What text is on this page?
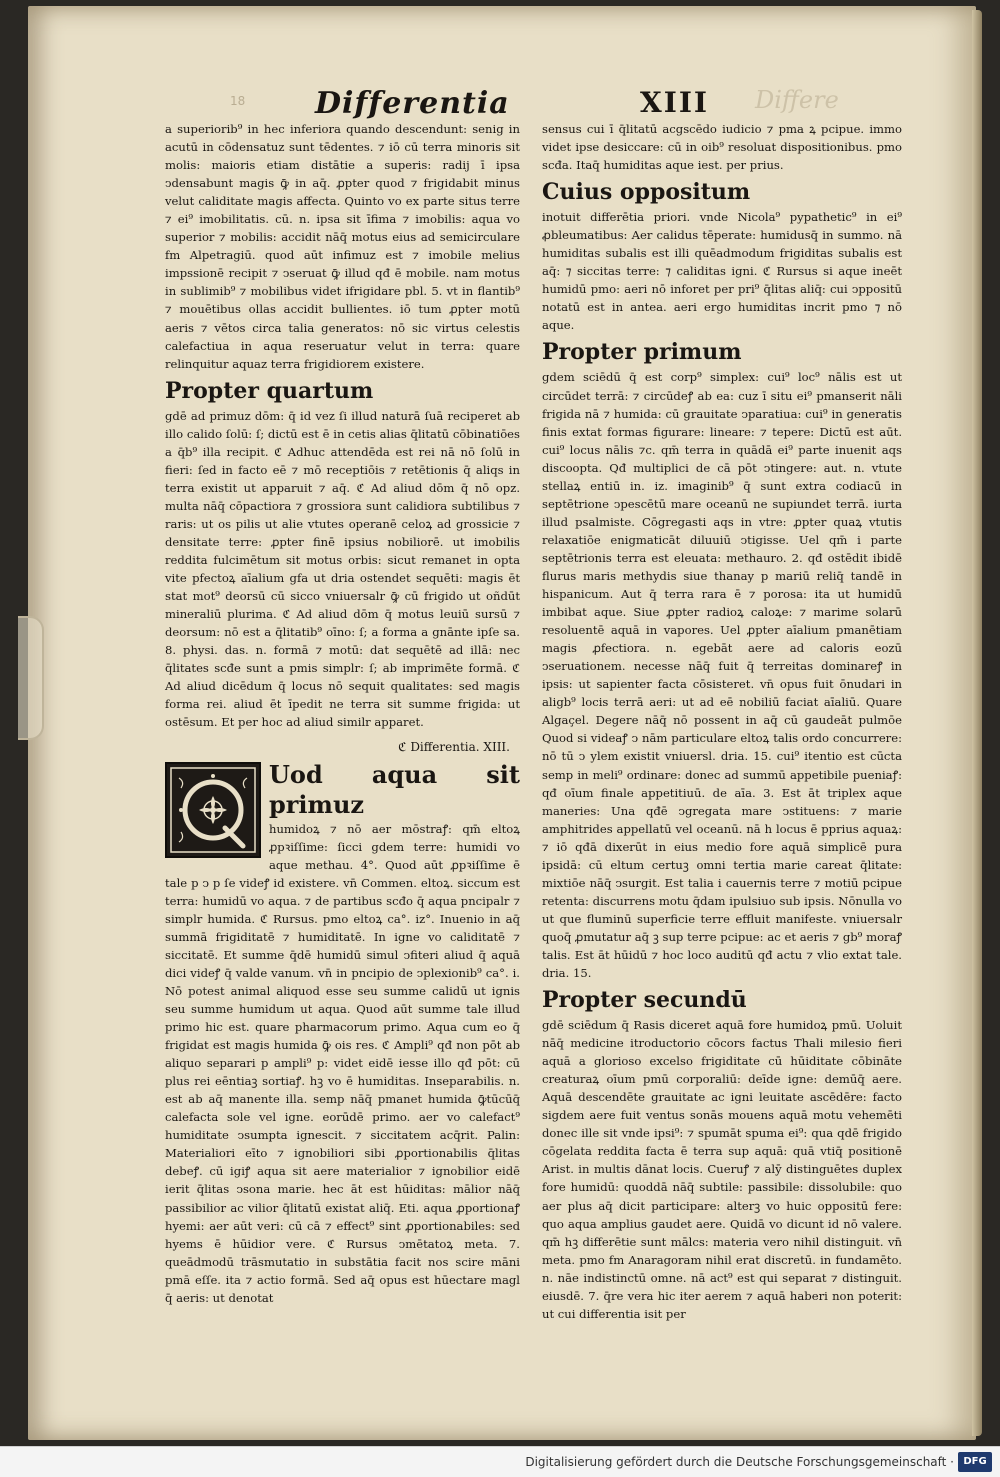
18 Differentia	XIII Differe

a superiorib⁹ in hec inferiora quando descendunt: senig in acutū in cōdensatuz sunt tēdentes. ⁊ iō cū terra minoris sit molis: maioris etiam distātie a superis: radij ī ipsa ↄdensabunt magis ꝙ̄ in aq̄. ꝓpter quod ⁊ frigidabit minus velut caliditate magis affecta. Quinto vo ex parte situs terre ⁊ ei⁹ imobilitatis. cū. n. ipsa sit īfima ⁊ imobilis: aqua vo superior ⁊ mobilis: accidit nāq̄ motus eius ad semicirculare fm Alpetragiū. quod aūt infimuz est ⁊ imobile melius impssionē recipit ⁊ ↄseruat ꝙ̄ illud qđ ē mobile. nam motus in sublimib⁹ ⁊ mobilibus videt ifrigidare pbl. 5. vt in flantib⁹ ⁊ mouētibus ollas accidit bullientes. iō tum ꝓpter motū aeris ⁊ vētos circa talia generatos: nō sic virtus celestis calefactiua in aqua reseruatur velut in terra: quare relinquitur aquaz terra frigidiorem existere.

Propter quartum

gdē ad primuz dōm: q̄ id vez ſi illud naturā ſuā reciperet ab illo calido ſolū: ſ; dictū est ē in cetis alias q̄litatū cōbinatiōes a q̄b⁹ illa recipit. ℭ Adhuc attendēda est rei nā nō ſolū in fieri: ſed in facto eē ⁊ mō receptiōis ⁊ retētionis q̄ aliqs in terra existit ut apparuit ⁊ aq̄. ℭ Ad aliud dōm q̄ nō opz. multa nāq̄ cōpactiora ⁊ grossiora sunt calidiora subtilibus ⁊ raris: ut os pilis ut alie vtutes operanē celoꝝ ad grossicie ⁊ densitate terre: ꝓpter finē ipsius nobiliorē. ut imobilis reddita fulcimētum sit motus orbis: sicut remanet in opta vite pfectoꝝ aīalium gfa ut dria ostendet sequēti: magis ēt stat mot⁹ deorsū cū sicco vniuersalr ꝙ̄ cū frigido ut oñdūt mineraliū plurima. ℭ Ad aliud dōm q̄ motus leuiū sursū ⁊ deorsum: nō est a q̄litatib⁹ oīno: ſ; a forma a gnānte ipſe sa. 8. physi. das. n. formā ⁊ motū: dat sequētē ad illā: nec q̄litates scđe sunt a pmis simplr: ſ; ab imprimēte formā. ℭ Ad aliud dicēdum q̄ locus nō sequit qualitates: sed magis forma rei. aliud ēt īpedit ne terra sit summe frigida: ut ostēsum. Et per hoc ad aliud similr apparet.

ℭ Differentia. XIII.
Uod aqua sit primuz

humidoꝝ ⁊ nō aer mōstraꝭ: qm̄ eltoꝝ ꝓpꝛiſſime: ſicci gdem terre: humidi vo aque methau. 4°. Quod aūt ꝓpꝛiſſime ē tale p ↄ p ſe videꝭ id existere. vn̄ Commen. eltoꝝ. siccum est terra: humidū vo aqua. ⁊ de partibus scđo q̄ aqua pncipalr ⁊ simplr humida. ℭ Rursus. pmo eltoꝝ ca°. iz°. Inuenio in aq̄ summā frigiditatē ⁊ humiditatē. In igne vo caliditatē ⁊ siccitatē. Et summe q̄dē humidū simul ↄfiteri aliud q̄ aquā dici videꝭ q̄ valde vanum. vn̄ in pncipio de ↄplexionib⁹ ca°. i. Nō potest animal aliquod esse seu summe calidū ut ignis seu summe humidum ut aqua. Quod aūt summe tale illud primo hic est. quare pharmacorum primo. Aqua cum eo q̄ frigidat est magis humida ꝙ̄ ois res. ℭ Ampli⁹ qđ non pōt ab aliquo separari p ampli⁹ p: videt eidē iesse illo qđ pōt: cū plus rei eēntiaꝫ sortiaꝭ. hꝫ vo ē humiditas. Inseparabilis. n. est ab aq̄ manente illa. semp nāq̄ pmanet humida ꝙ̄tūcūq̄ calefacta sole vel igne. eorūdē primo. aer vo calefact⁹ humiditate ↄsumpta ignescit. ⁊ siccitatem acq̄rit. Palin: Materialiori eīto ⁊ ignobiliori sibi ꝓportionabilis q̄litas debeꝭ. cū igiꝭ aqua sit aere materialior ⁊ ignobilior eidē ierit q̄litas ↄsona marie. hec āt est hūiditas: mālior nāq̄ passibilior ac vilior q̄litatū existat aliq̄. Eti. aqua ꝓportionaꝭ hyemi: aer aūt veri: cū cā ⁊ effect⁹ sint ꝓportionabiles: sed hyems ē hūidior vere. ℭ Rursus ↄmētatoꝝ meta. 7. queādmodū trāsmutatio in substātia facit nos scire māni pmā eſſe. ita ⁊ actio formā. Sed aq̄ opus est hūectare magl q̄ aeris: ut denotat

sensus cui ī q̄litatū acgscēdo iudicio ⁊ pma ꝝ pcipue. immo videt ipse desiccare: cū in oib⁹ resoluat dispositionibus. pmo scđa. Itaq̄ humiditas aque iest. per prius.

Cuius oppositum

inotuit differētia priori. vnde Nicola⁹ pypathetic⁹ in ei⁹ ꝓbleumatibus: Aer calidus tēperate: humidusq̄ in summo. nā humiditas subalis est illi quēadmodum frigiditas subalis est aq̄: ⁊ siccitas terre: ⁊ caliditas igni. ℭ Rursus si aque ineēt humidū pmo: aeri nō inforet per pri⁹ q̄litas aliq̄: cui ↄppositū notatū est in antea. aeri ergo humiditas incrit pmo ⁊ nō aque.

Propter primum

gdem sciēdū q̄ est corp⁹ simplex: cui⁹ loc⁹ nālis est ut circūdet terrā: ⁊ circūdeꝭ ab ea: cuz ī situ ei⁹ pmanserit nāli frigida nā ⁊ humida: cū grauitate ↄparatiua: cui⁹ in generatis finis extat formas figurare: lineare: ⁊ tepere: Dictū est aūt. cui⁹ locus nālis ⁊c. qm̄ terra in quādā ei⁹ parte inuenit aqs discoopta. Qđ multiplici de cā pōt ↄtingere: aut. n. vtute stellaꝝ entiū in. iz. imaginib⁹ q̄ sunt extra codiacū in septētrione ↄpescētū mare oceanū ne supiundet terrā. iurta illud psalmiste. Cōgregasti aqs in vtre: ꝓpter quaꝝ vtutis relaxatiōe enigmaticāt diluuiū ↄtigisse. Uel qm̄ i parte septētrionis terra est eleuata: methauro. 2. qđ ostēdit ibidē flurus maris methydis siue thanay p mariū reliq̄ tandē in hispanicum. Aut q̄ terra rara ē ⁊ porosa: ita ut humidū imbibat aque. Siue ꝓpter radioꝝ caloꝝe: ⁊ marime solarū resoluentē aquā in vapores. Uel ꝓpter aīalium pmanētiam magis ꝓfectiora. n. egebāt aere ad caloris eozū ↄseruationem. necesse nāq̄ fuit q̄ terreitas dominareꝭ in ipsis: ut sapienter facta cōsisteret. vn̄ opus fuit ōnudari in aligb⁹ locis terrā aeri: ut ad eē nobiliū faciat aīaliū. Quare Algaçel. Degere nāq̄ nō possent in aq̄ cū gaudeāt pulmōe Quod si videaꝭ ↄ nām particulare eltoꝝ talis ordo concurrere: nō tū ↄ ylem existit vniuersl. dria. 15. cui⁹ itentio est cūcta semp in meli⁹ ordinare: donec ad summū appetibile pueniaꝭ: qđ oīum finale appetitiuū. de aīa. 3. Est āt triplex aque maneries: Una qđē ↄgregata mare ↄstituens: ⁊ marie amphitrides appellatū vel oceanū. nā h locus ē pprius aquaꝝ: ⁊ iō qđā dixerūt in eius medio fore aquā simplicē pura ipsidā: cū eltum certuꝫ omni tertia marie careat q̄litate: mixtiōe nāq̄ ↄsurgit. Est talia i cauernis terre ⁊ motiū pcipue retenta: discurrens motu q̄dam ipulsiuo sub ipsis. Nōnulla vo ut que fluminū superficie terre effluit manifeste. vniuersalr quoq̄ ꝓmutatur aq̄ ꝫ sup terre pcipue: ac et aeris ⁊ gb⁹ moraꝭ talis. Est āt hūidū ⁊ hoc loco auditū qđ actu ⁊ vlio extat tale. dria. 15.

Propter secundū

gdē sciēdum q̄ Rasis diceret aquā fore humidoꝝ pmū. Uoluit nāq̄ medicine itroductorio cōcors factus Thali milesio fieri aquā a glorioso excelso frigiditate cū hūiditate cōbināte creaturaꝝ oīum pmū corporaliū: deīde igne: demūq̄ aere. Aquā descendēte grauitate ac igni leuitate ascēdēre: facto sigdem aere fuit ventus sonās mouens aquā motu vehemēti donec ille sit vnde ipsi⁹: ⁊ spumāt spuma ei⁹: qua qdē frigido cōgelata reddita facta ē terra sup aquā: quā vtiq̄ positionē Arist. in multis dānat locis. Cueruꝭ ⁊ alȳ distinguētes duplex fore humidū: quoddā nāq̄ subtile: passibile: dissolubile: quo aer plus aq̄ dicit participare: alterꝫ vo huic oppositū fere: quo aqua amplius gaudet aere. Quidā vo dicunt id nō valere. qm̄ hꝫ differētie sunt mālcs: materia vero nihil distinguit. vn̄ meta. pmo fm Anaragoram nihil erat discretū. in fundamēto. n. nāe indistinctū omne. nā act⁹ est qui separat ⁊ distinguit. eiusdē. 7. q̄re vera hic iter aerem ⁊ aquā haberi non poterit: ut cui differentia isit per

Digitalisierung gefördert durch die Deutsche Forschungsgemeinschaft · DFG
